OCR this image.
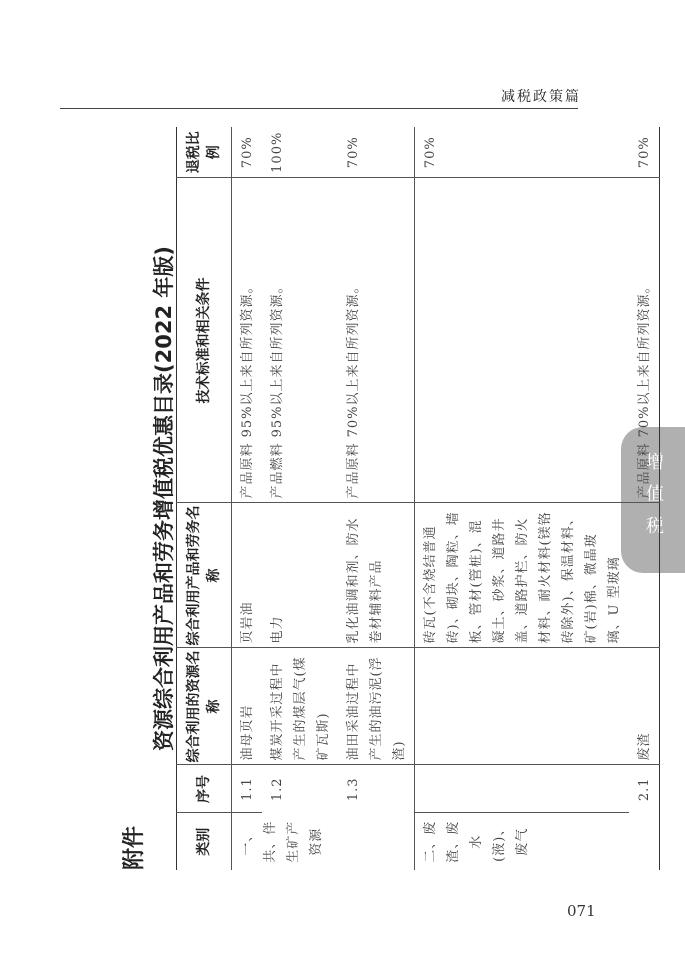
减税政策篇
增值税
附件
资源综合利用产品和劳务增值税优惠目录(2022 年版)
类别	序号	综合利用的资源名称	综合利用产品和劳务名称	技术标准和相关条件	退税比例
一、共、伴生矿产资源	1.1	油母页岩	页岩油	产品原料 95%以上来自所列资源。	70%
	1.2	煤炭开采过程中产生的煤层气(煤矿瓦斯)	电力	产品燃料 95%以上来自所列资源。	100%
	1.3	油田采油过程中产生的油污泥(浮渣)	乳化油调和剂、防水卷材辅料产品	产品原料 70%以上来自所列资源。	70%
二、废渣、废水(液)、废气			砖瓦(不含烧结普通砖)、砌块、陶粒、墙板、管材(管桩)、混凝土、砂浆、道路井盖、道路护栏、防火材料、耐火材料(镁铬砖除外)、保温材料、矿(岩)棉、微晶玻璃、U 型玻璃		70%
	2.1	废渣		产品原料 70%以上来自所列资源。	70%
071
